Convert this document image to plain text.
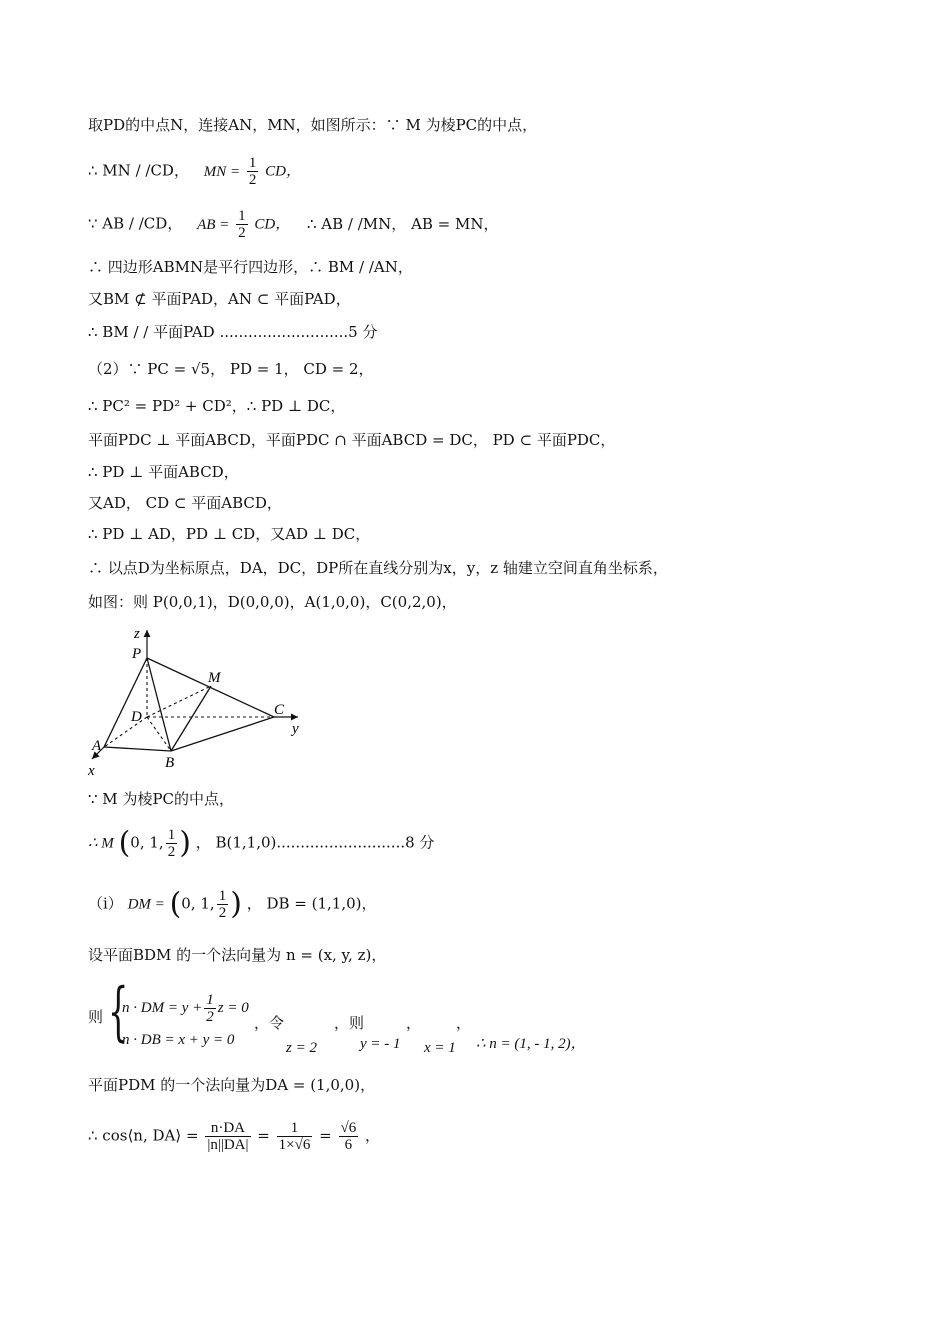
取PD的中点N，连接AN，MN，如图所示：∵ M 为棱PC的中点，
∴ MN / /CD， MN = $\frac{1}{2}$ CD，
∵ AB / /CD， AB = $\frac{1}{2}$ CD， ∴ AB / /MN， AB = MN，
∴ 四边形ABMN是平行四边形，∴ BM / /AN，
又BM ⊄ 平面PAD，AN ⊂ 平面PAD，
∴ BM / / 平面PAD ...........................5 分
（2）∵ PC = √5， PD = 1， CD = 2，
∴ PC² = PD² + CD²，∴ PD ⊥ DC，
平面PDC ⊥ 平面ABCD，平面PDC ∩ 平面ABCD = DC， PD ⊂ 平面PDC，
∴ PD ⊥ 平面ABCD，
又AD， CD ⊂ 平面ABCD，
∴ PD ⊥ AD，PD ⊥ CD，又AD ⊥ DC，
∴ 以点D为坐标原点，DA，DC，DP所在直线分别为x，y，z 轴建立空间直角坐标系，
如图：则 P(0,0,1)，D(0,0,0)，A(1,0,0)，C(0,2,0)，
z
P
M
D	C
y
A
B
x
∵ M 为棱PC的中点，
∴ M (0, 1, $\frac{1}{2}$ ) ， B(1,1,0)...........................8 分
（i） DM = (0, 1, $\frac{1}{2}$ ) ， DB = (1,1,0)，
设平面BDM 的一个法向量为 n = (x, y, z)，
则 {
n · DM = $y + \frac{1}{2}$ z = 0
n · DB = x + y = 0
，令
z = 2
，则
y = - 1
，
x = 1
，
∴ n = (1, - 1, 2)，
平面PDM 的一个法向量为DA = (1,0,0)，
∴ cos⟨n, DA⟩ = $\frac{n\cdot DA}{|n||DA|} = \frac{1}{1\times√6} = \frac{√6}{6}$ ，
